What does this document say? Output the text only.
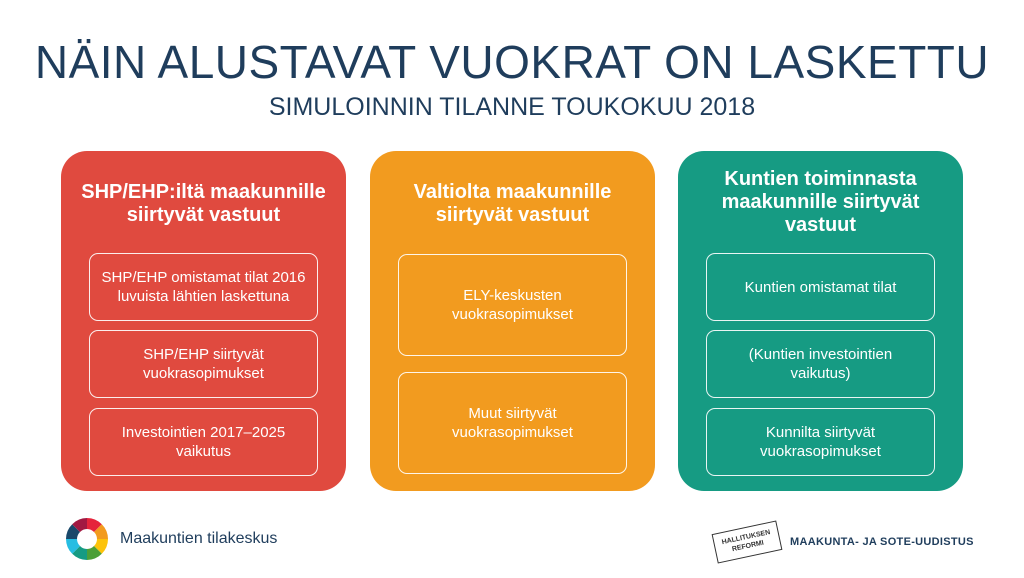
NÄIN ALUSTAVAT VUOKRAT ON LASKETTU
SIMULOINNIN TILANNE TOUKOKUU 2018
SHP/EHP:iltä maakunnille siirtyvät vastuut
SHP/EHP omistamat tilat 2016 luvuista lähtien laskettuna
SHP/EHP siirtyvät vuokrasopimukset
Investointien 2017–2025 vaikutus
Valtiolta maakunnille siirtyvät vastuut
ELY-keskusten vuokrasopimukset
Muut siirtyvät vuokrasopimukset
Kuntien toiminnasta maakunnille siirtyvät vastuut
Kuntien omistamat tilat
(Kuntien investointien vaikutus)
Kunnilta siirtyvät vuokrasopimukset
Maakuntien tilakeskus	HALLITUKSEN REFORMI	MAAKUNTA- JA SOTE-UUDISTUS
